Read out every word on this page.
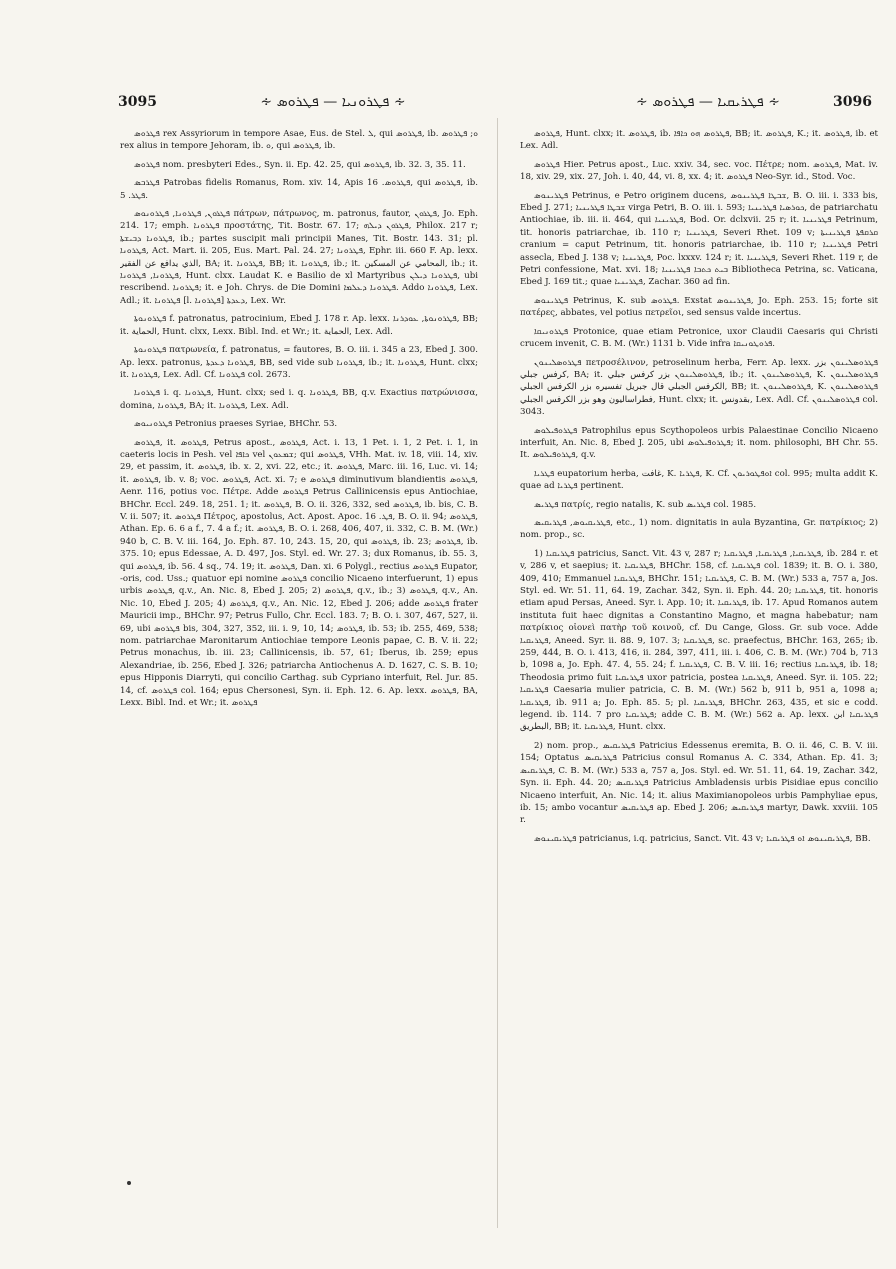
3095	∻ ܦܛܪܘܢܝܐ — ܦܛܪܘܣ ∻	∻ ܦܛܪܝܩܝܐ — ܦܛܪܘܣ ∻	3096

ܦܛܪܘܣ rex Assyriorum in tempore Asae, Eus. de Stel. ܠ, qui ܦܛܪܘܣ, ib. ܘ; ܦܛܪܘܣ rex alius in tempore Jehoram, ib. ܘ, qui ܦܛܪܘܣ, ib.

ܦܛܪܘܣ nom. presbyteri Edes., Syn. ii. Ep. 42. 25, qui ܦܛܪܘܣ, ib. 32. 3, 35. 11.

ܦܛܪܒܣ Patrobas fidelis Romanus, Rom. xiv. 14, Apis ܦܛܪܘܣ. 16, qui ܦܛܪܘܣ, ib. ܦܛܪ. 5.

ܦܛܪܘܢ, ܦܛܪܘܢܐ, ܦܛܪܘܢܘܣ πάτρων, πάτρωνος, m. patronus, fautor, ܦܛܪܘܢ, Jo. Eph. 214. 17; emph. ܦܛܪܘܢܐ προστάτης, Tit. Bostr. 67. 17; ܦܛܪܘܢ ܕܝܠܗ, Philox. 217 r; ܦܛܪܘܢܐ ܕܒܝܫܬܐ, ib.; partes suscipit mali principii Manes, Tit. Bostr. 143. 31; pl. ܦܛܪܘܢܐ, Act. Mart. ii. 205, Eus. Mart. Pal. 24. 27; ܦܛܪܘܢܐ, Ephr. iii. 660 F. Ap. lexx. الذي يدافع عن الفقير, BA; it. ܦܛܪܘܢܐ, BB; it. ܦܛܪܘܢܐ, ib.; it. المحامي عن المسكين, ib.; it. ܦܛܪܘܢܐ, ܦܛܪܘܢܐ, Hunt. clxx. Laudat K. e Basilio de xl Martyribus ܦܛܪܘܢܐ ܕܝܠܢ, ubi rescribend. ܦܛܪܘܢܐ; it. e Joh. Chrys. de Die Domini ܦܛܪܘܢܐ ܕܥܠܡܐ. Addo ܦܛܪܘܢܐ, Lex. Adl.; it. ܦܛܪܘܢܐ [l. ܦܛܪܘܢܐ] ܕܥܕܬܐ, Lex. Wr.

ܦܛܪܘܢܘܬܐ f. patronatus, patrocinium, Ebed J. 178 r. Ap. lexx. ܦܛܪܘܢܘܬܐ, ܥܘܕܪܢܐ, BB; it. الحماية, Hunt. clxx, Lexx. Bibl. Ind. et Wr.; it. الحماية, Lex. Adl.

ܦܛܪܘܢܘܬܐ πατρωνεία, f. patronatus, = fautores, B. O. iii. i. 345 a 23, Ebed J. 300. Ap. lexx. patronus, ܦܛܪܘܢܐ ܕܥܕܬܐ, BB, sed vide sub ܦܛܪܘܢܐ, ib.; it. ܦܛܪܘܢܐ, Hunt. clxx; it. ܦܛܪܘܢܐ, Lex. Adl. Cf. ܦܛܪܘܢܐ col. 2673.

ܦܛܪܘܢܐ i. q. ܦܛܪܘܢܐ, Hunt. clxx; sed i. q. ܦܛܪܘܢܐ, BB, q.v. Exactius πατρώνισσα, domina, ܦܛܪܘܢܐ, BA; it. ܦܛܪܘܢܐ, Lex. Adl.

ܦܛܪܘܢܝܘܣ Petronius praeses Syriae, BHChr. 53.

ܦܛܪܘܣ, it. ܦܛܪܘܣ, Petrus apost., ܦܛܪܘܣ, Act. i. 13, 1 Pet. i. 1, 2 Pet. i. 1, in caeteris locis in Pesh. vel ܟܐܦܐ vel ܫܡܥܘܢ; qui ܦܛܪܘܣ, VHh. Mat. iv. 18, viii. 14, xiv. 29, et passim, it. ܦܛܪܘܣ, ib. x. 2, xvi. 22, etc.; it. ܦܛܪܘܣ, Marc. iii. 16, Luc. vi. 14; it. ܦܛܪܘܣ, ib. v. 8; voc. ܦܛܪܘܣ, Act. xi. 7; e ܦܛܪܘܣ diminutivum blandientis ܦܛܪܘܣ, Aenr. 116, potius voc. Πέτρε. Adde ܦܛܪܘܣ Petrus Callinicensis epus Antiochiae, BHChr. Eccl. 249. 18, 251. 1; it. ܦܛܪܘܣ, B. O. ii. 326, 332, sed ܦܛܪܘܣ, ib. bis, C. B. V. ii. 507; it. ܦܛܪܘܣ Πέτρος, apostolus, Act. Apost. Apoc. ܦܛ. 16, B. O. ii. 94; ܦܛܪܘܣ, Athan. Ep. 6. 6 a f., 7. 4 a f.; it. ܦܛܪܘܣ, B. O. i. 268, 406, 407, ii. 332, C. B. M. (Wr.) 940 b, C. B. V. iii. 164, Jo. Eph. 87. 10, 243. 15, 20, qui ܦܛܪܘܣ, ib. 23; ܦܛܪܘܣ, ib. 375. 10; epus Edessae, A. D. 497, Jos. Styl. ed. Wr. 27. 3; dux Romanus, ib. 55. 3, qui ܦܛܪܘܣ, ib. 56. 4 sq., 74. 19; it. ܦܛܪܘܣ, Dan. xi. 6 Polygl., rectius ܦܛܪܘܣ Eupator, -oris, cod. Uss.; quatuor epi nomine ܦܛܪܘܣ concilio Nicaeno interfuerunt, 1) epus urbis ܦܛܪܘܣ, q.v., An. Nic. 8, Ebed J. 205; 2) ܦܛܪܘܣ, q.v., ib.; 3) ܦܛܪܘܣ, q.v., An. Nic. 10, Ebed J. 205; 4) ܦܛܪܘܣ, q.v., An. Nic. 12, Ebed J. 206; adde ܦܛܪܘܣ frater Mauricii imp., BHChr. 97; Petrus Fullo, Chr. Eccl. 183. 7; B. O. i. 307, 467, 527, ii. 69, ubi ܦܛܪܘܣ bis, 304, 327, 352, iii. i. 9, 10, 14; ܦܛܪܘܣ, ib. 53; ib. 255, 469, 538; nom. patriarchae Maronitarum Antiochiae tempore Leonis papae, C. B. V. ii. 22; Petrus monachus, ib. iii. 23; Callinicensis, ib. 57, 61; Iberus, ib. 259; epus Alexandriae, ib. 256, Ebed J. 326; patriarcha Antiochenus A. D. 1627, C. S. B. 10; epus Hipponis Diarryti, qui concilio Carthag. sub Cypriano interfuit, Rel. Jur. 85. 14, cf. ܦܛܪܘܣ col. 164; epus Chersonesi, Syn. ii. Eph. 12. 6. Ap. lexx. ܦܛܪܘܣ, BA, Lexx. Bibl. Ind. et Wr.; it. ܦܛܪܘܣ

ܦܛܪܘܣ, Hunt. clxx; it. ܦܛܪܘܣ, ib. ܦܛܪܘܣ ܗܘ ܟܐܦܐ, BB; it. ܦܛܪܘܣ, K.; it. ܦܛܪܘܣ, ib. et Lex. Adl.

ܦܛܪܘܣ Hier. Petrus apost., Luc. xxiv. 34, sec. voc. Πέτρε; nom. ܦܛܪܘܣ, Mat. iv. 18, xiv. 29, xix. 27, Joh. i. 40, 44, vi. 8, xx. 4; it. ܦܛܪܘܣ Neo-Syr. id., Stod. Voc.

ܦܛܪܝܢܘܣ Petrinus, e Petro originem ducens, ܫܒܛܐ ܦܛܪܝܢܘܣ, B. O. iii. i. 333 bis, Ebed J. 271; ܫܒܛܐ ܦܛܪܝܢܝܐ virga Petri, B. O. iii. i. 593; ܟܘܪܣܝܐ ܦܛܪܝܢܝܐ, de patriarchatu Antiochiae, ib. iii. ii. 464, qui ܦܛܪܝܢܝܐ, Bod. Or. dclxvii. 25 r; it. ܦܛܪܝܢܝܐ Petrinum, tit. honoris patriarchae, ib. 110 r; ܦܛܪܝܢܝܐ, Severi Rhet. 109 v; ܩܪܩܦܬܐ ܦܛܪܝܢܝܬܐ cranium = caput Petrinum, tit. honoris patriarchae, ib. 110 r; ܦܛܪܝܢܝܐ Petri assecla, Ebed J. 138 v; ܦܛܪܝܢܝܐ, Poc. lxxxv. 124 r; it. ܦܛܪܝܢܝܐ, Severi Rhet. 119 r, de Petri confessione, Mat. xvi. 18; ܒܝܬ ܟܬܒܐ ܦܛܪܝܢܝܐ Bibliotheca Petrina, sc. Vaticana, Ebed J. 169 tit.; quae ܦܛܪܝܢܝܐ, Zachar. 360 ad fin.

ܦܛܪܝܢܘܣ Petrinus, K. sub ܦܛܪܘܣ. Exstat ܦܛܪܝܢܘܣ, Jo. Eph. 253. 15; forte sit πατέρες, abbates, vel potius πετρεῖοι, sed sensus valde incertus.

ܦܛܪܘܢܝܩܐ Protonice, quae etiam Petronice, uxor Claudii Caesaris qui Christi crucem invenit, C. B. M. (Wr.) 1131 b. Vide infra ܦܪܘܛܘܢܝܩܐ.

ܦܛܪܘܣܠܝܢܘܢ πετροσέλινον, petroselinum herba, Ferr. Ap. lexx. ܦܛܪܘܣܠܝܢܘܢ بزر كرفس جبلي, BA; it. ܦܛܪܘܣܠܝܢܘܢ بزر كرفس جبلي, ib.; it. ܦܛܪܘܣܠܝܢܘܢ, K. ܦܛܪܘܣܠܝܢܘܢ الكرفس الجبلي قال جبريل تفسيره بزر الكرفس الجبلي, BB; it. ܦܛܪܘܣܠܝܢܘܢ, K. ܦܛܪܘܣܠܝܢܘܢ فطراساليون وهو بزر الكرفس الجبلي, Hunt. clxx; it. بقدونس, Lex. Adl. Cf. ܦܛܪܘܣܠܝܢܘܢ col. 3043.

ܦܛܪܘܦܝܠܘܣ Patrophilus epus Scythopoleos urbis Palaestinae Concilio Nicaeno interfuit, An. Nic. 8, Ebed J. 205, ubi ܦܛܪܘܦܝܠܘܣ; it. nom. philosophi, BH Chr. 55. It. ܦܛܪܘܦܝܠܘܣ, q.v.

ܦܛܪܝܐ eupatorium herba, غافت, K. ܦܛܪܝܐ, K. Cf. ܐܘܦܛܘܪܝܘܢ col. 995; multa addit K. quae ad ܦܛܪܝܐ pertinent.

ܦܛܪܝܣ πατρίς, regio natalis, K. sub ܦܛܪܝܣ col. 1985.

ܦܛܪܝܩܝܘܣ, ܦܛܪܝܩܝܣ, etc., 1) nom. dignitatis in aula Byzantina, Gr. πατρίκιος; 2) nom. prop., sc.

1) ܦܛܪܝܩܝܐ patricius, Sanct. Vit. 43 v, 287 r; ܦܛܪܝܩܝܐ, ܦܛܪܝܩܝܐ, ܦܛܪܝܩܝܐ, ib. 284 r. et v, 286 v, et saepius; it. ܦܛܪܝܩܝܐ, BHChr. 158, cf. ܦܛܪܝܩܝܐ col. 1839; it. B. O. i. 380, 409, 410; Emmanuel ܦܛܪܝܩܝܐ, BHChr. 151; ܦܛܪܝܩܝܐ, C. B. M. (Wr.) 533 a, 757 a, Jos. Styl. ed. Wr. 51. 11, 64. 19, Zachar. 342, Syn. ii. Eph. 44. 20; ܦܛܪܝܩܝܐ, tit. honoris etiam apud Persas, Aneed. Syr. i. App. 10; it. ܦܛܪܝܩܝܐ, ib. 17. Apud Romanos autem instituta fuit haec dignitas a Constantino Magno, et magna habebatur; nam πατρίκιος οἱονεὶ πατὴρ τοῦ κοινοῦ, cf. Du Cange, Gloss. Gr. sub voce. Adde ܦܛܪܝܩܝܐ, Aneed. Syr. ii. 88. 9, 107. 3; ܦܛܪܝܩܝܐ, sc. praefectus, BHChr. 163, 265; ib. 259, 444, B. O. i. 413, 416, ii. 284, 397, 411, iii. i. 406, C. B. M. (Wr.) 704 b, 713 b, 1098 a, Jo. Eph. 47. 4, 55. 24; f. ܦܛܪܝܩܝܐ, C. B. V. iii. 16; rectius ܦܛܪܝܩܝܐ, ib. 18; Theodosia primo fuit ܦܛܪܝܩܝܐ uxor patricia, postea ܦܛܪܝܩܝܐ, Aneed. Syr. ii. 105. 22; ܦܛܪܝܩܝܐ Caesaria mulier patricia, C. B. M. (Wr.) 562 b, 911 b, 951 a, 1098 a; ܦܛܪܝܩܝܐ, ib. 911 a; Jo. Eph. 85. 5; pl. ܦܛܪܝܩܝܐ, BHChr. 263, 435, et sic e codd. legend. ib. 114. 7 pro ܦܛܪܝܩܝܐ; adde C. B. M. (Wr.) 562 a. Ap. lexx. ܦܛܪܝܩܝܐ ابن البطريق, BB; it. ܦܛܪܝܩܝܐ, Hunt. clxx.

2) nom. prop., ܦܛܪܝܩܝܣ Patricius Edessenus eremita, B. O. ii. 46, C. B. V. iii. 154; Optatus ܦܛܪܝܩܝܣ Patricius consul Romanus A. C. 334, Athan. Ep. 41. 3; ܦܛܪܝܩܝܣ, C. B. M. (Wr.) 533 a, 757 a, Jos. Styl. ed. Wr. 51. 11, 64. 19, Zachar. 342, Syn. ii. Eph. 44. 20; ܦܛܪܝܩܝܣ Patricius Ambladensis urbis Pisidiae epus concilio Nicaeno interfuit, An. Nic. 14; it. alius Maximianopoleos urbis Pamphyliae epus, ib. 15; ambo vocantur ܦܛܪܝܩܝܣ ap. Ebed J. 206; ܦܛܪܝܩܝܣ martyr, Dawk. xxviii. 105 r.

ܦܛܪܝܩܝܢܘܣ patricianus, i.q. patricius, Sanct. Vit. 43 v; ܦܛܪܝܩܝܢܘܣ ܐܘ ܦܛܪܝܩܝܐ, BB.
